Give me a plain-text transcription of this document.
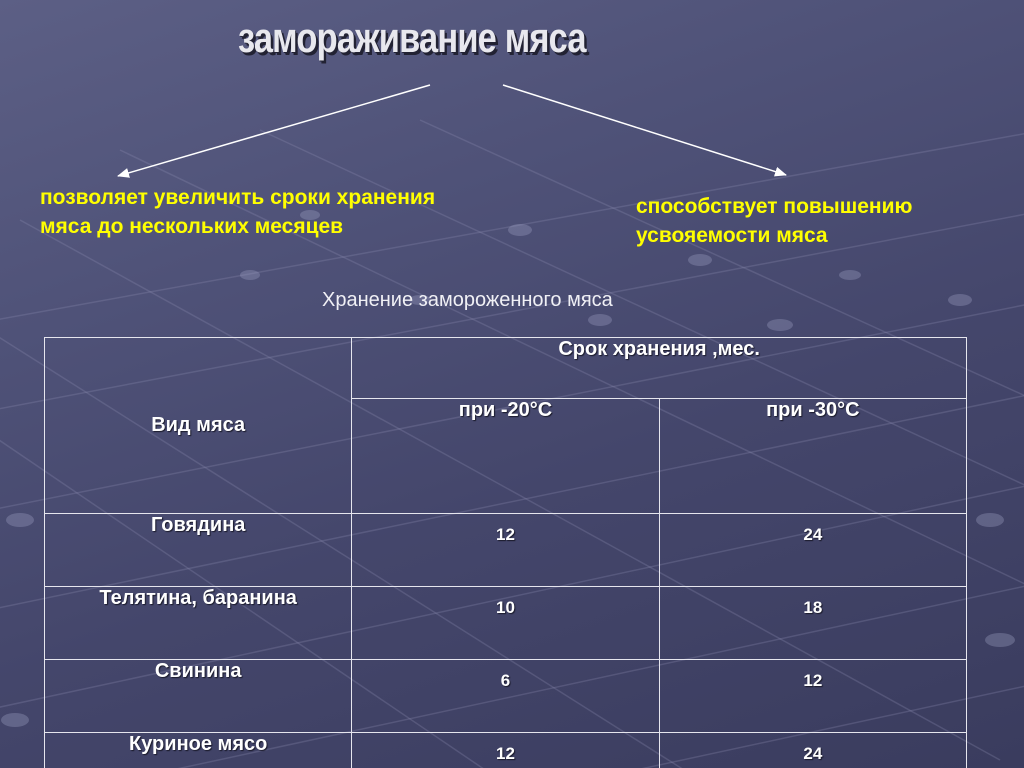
замораживание мяса
позволяет увеличить сроки хранения мяса до нескольких месяцев
способствует повышению усвояемости мяса
Хранение замороженного мяса
Вид мяса	Срок хранения ,мес.	
	при -20°С	при -30°С
Говядина	12	24
Телятина, баранина	10	18
Свинина	6	12
Куриное мясо	12	24
